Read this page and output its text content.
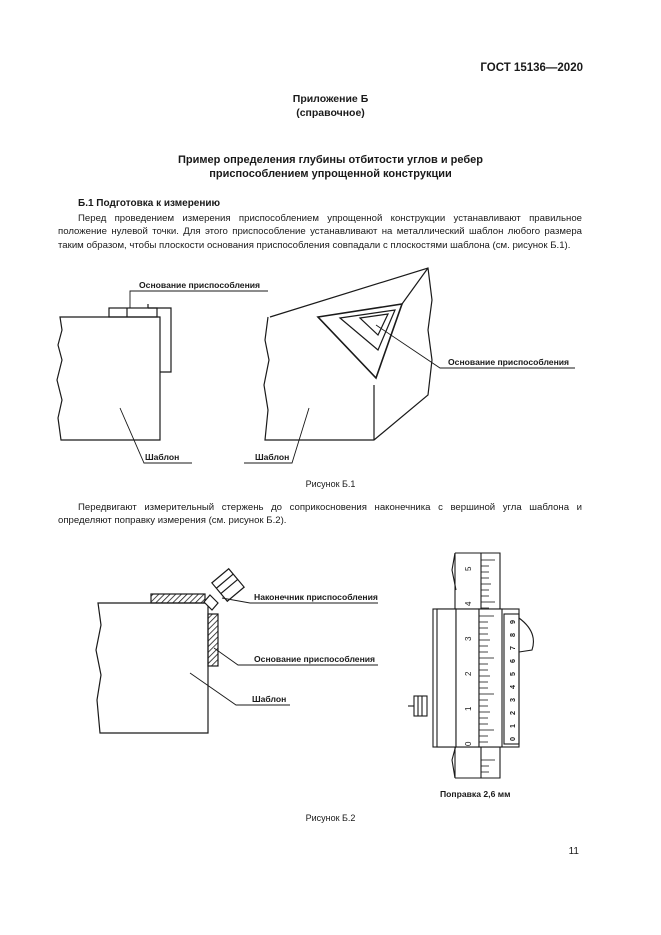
ГОСТ 15136—2020
Приложение Б
(справочное)
Пример определения глубины отбитости углов и ребер
приспособлением упрощенной конструкции
Б.1 Подготовка к измерению
Перед проведением измерения приспособлением упрощенной конструкции устанавливают правильное положение нулевой точки. Для этого приспособление устанавливают на металлический шаблон любого размера таким образом, чтобы плоскости основания приспособления совпадали с плоскостями шаблона (см. рисунок Б.1).
Основание приспособления
Основание приспособления
Шаблон	Шаблон
Рисунок Б.1
Передвигают измерительный стержень до соприкосновения наконечника с вершиной угла шаблона и определяют поправку измерения (см. рисунок Б.2).
Наконечник приспособления
Основание приспособления
Шаблон
0
1
2
3
4
5
0
1
2
3
4
5
6
7
8
9
Поправка 2,6 мм
Рисунок Б.2
11
